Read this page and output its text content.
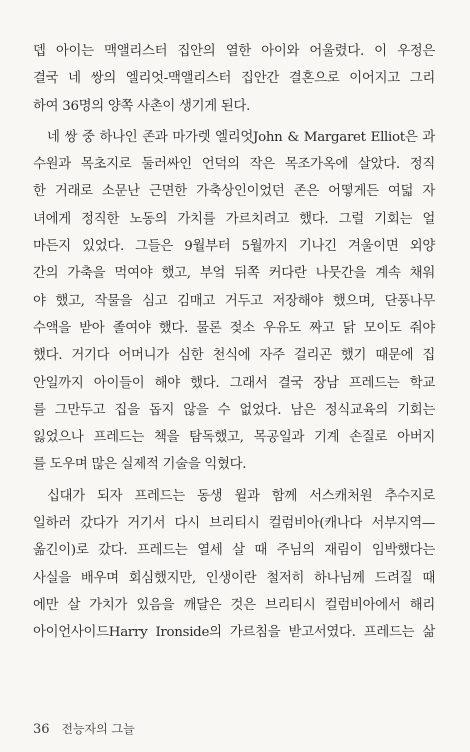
뎁 아이는 맥앨리스터 집안의 열한 아이와 어울렸다. 이 우정은
결국 네 쌍의 엘리엇-맥앨리스터 집안간 결혼으로 이어지고 그리
하여 36명의 양쪽 사촌이 생기게 된다.
네 쌍 중 하나인 존과 마가렛 엘리엇John & Margaret Elliot은 과
수원과 목초지로 둘러싸인 언덕의 작은 목조가옥에 살았다. 정직
한 거래로 소문난 근면한 가축상인이었던 존은 어떻게든 여덟 자
녀에게 정직한 노동의 가치를 가르치려고 했다. 그럴 기회는 얼
마든지 있었다. 그들은 9월부터 5월까지 기나긴 겨울이면 외양
간의 가축을 먹여야 했고, 부엌 뒤쪽 커다란 나뭇간을 계속 채워
야 했고, 작물을 심고 김매고 거두고 저장해야 했으며, 단풍나무
수액을 받아 졸여야 했다. 물론 젖소 우유도 짜고 닭 모이도 줘야
했다. 거기다 어머니가 심한 천식에 자주 걸리곤 했기 때문에 집
안일까지 아이들이 해야 했다. 그래서 결국 장남 프레드는 학교
를 그만두고 집을 돕지 않을 수 없었다. 남은 정식교육의 기회는
잃었으나 프레드는 책을 탐독했고, 목공일과 기계 손질로 아버지
를 도우며 많은 실제적 기술을 익혔다.
십대가 되자 프레드는 동생 윌과 함께 서스캐처원 추수지로
일하러 갔다가 거기서 다시 브리티시 컬럼비아(캐나다 서부지역—
옮긴이)로 갔다. 프레드는 열세 살 때 주님의 재림이 임박했다는
사실을 배우며 회심했지만, 인생이란 철저히 하나님께 드려질 때
에만 살 가치가 있음을 깨달은 것은 브리티시 컬럼비아에서 해리
아이언사이드Harry Ironside의 가르침을 받고서였다. 프레드는 삶
36 전능자의 그늘
